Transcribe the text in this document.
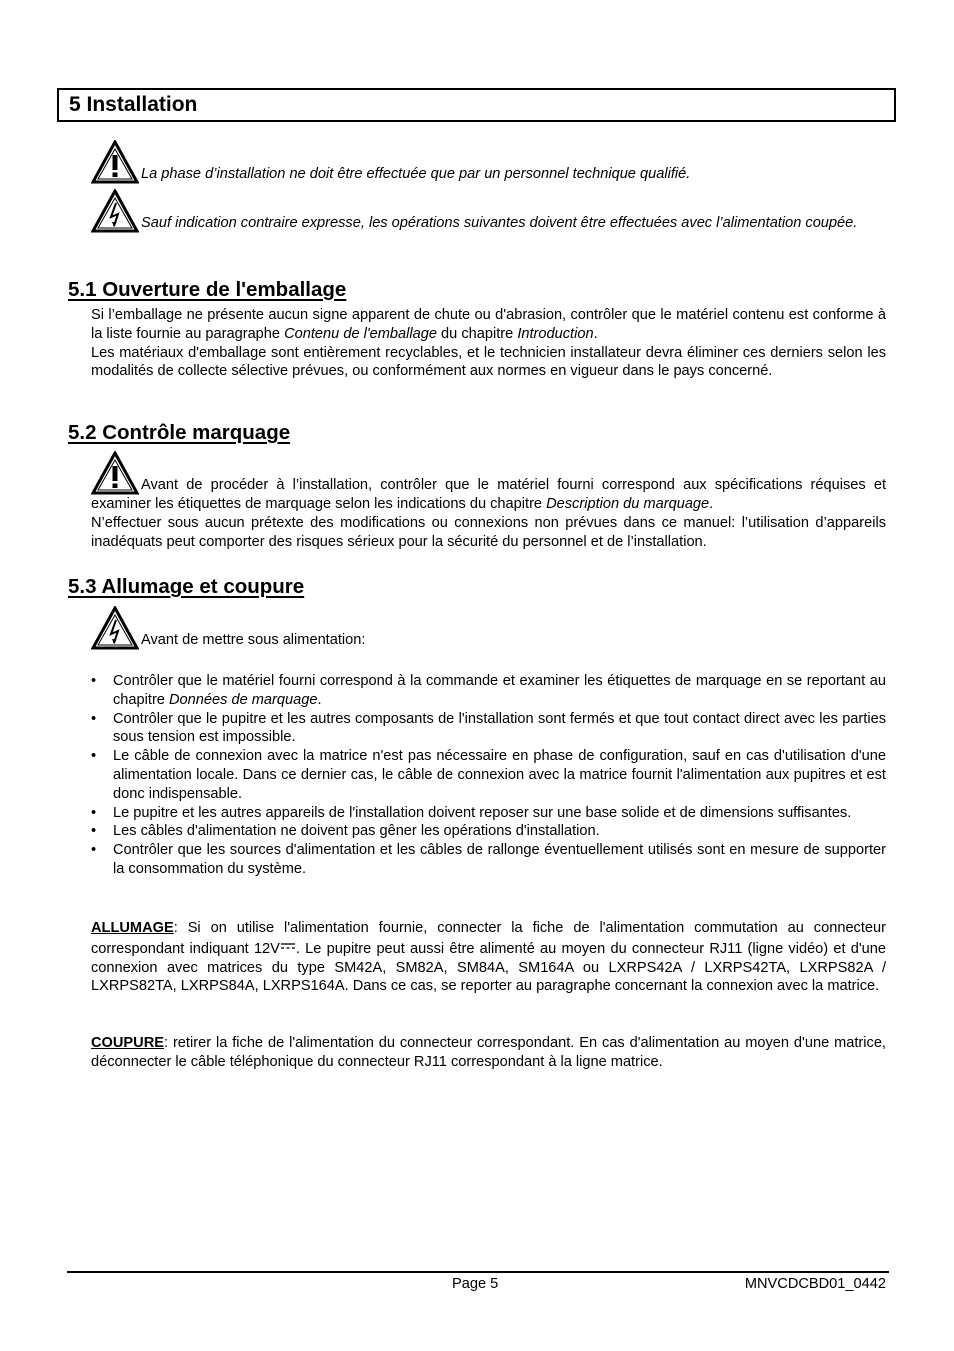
5 Installation
La phase d’installation ne doit être effectuée que par un personnel technique qualifié.
Sauf indication contraire expresse, les opérations suivantes doivent être effectuées avec l’alimentation coupée.
5.1 Ouverture de l'emballage
Si l’emballage ne présente aucun signe apparent de chute ou d'abrasion, contrôler que le matériel contenu est conforme à la liste fournie au paragraphe Contenu de l'emballage du chapitre Introduction.
Les matériaux d'emballage sont entièrement recyclables, et le technicien installateur devra éliminer ces derniers selon les modalités de collecte sélective prévues, ou conformément aux normes en vigueur dans le pays concerné.
5.2 Contrôle marquage
Avant de procéder à l’installation, contrôler que le matériel fourni correspond aux spécifications réquises et examiner les étiquettes de marquage selon les indications du chapitre Description du marquage.
N’effectuer sous aucun prétexte des modifications ou connexions non prévues dans ce manuel: l’utilisation d’appareils inadéquats peut comporter des risques sérieux pour la sécurité du personnel et de l’installation.
5.3 Allumage et coupure
Avant de mettre sous alimentation:
• Contrôler que le matériel fourni correspond à la commande et examiner les étiquettes de marquage en se reportant au chapitre Données de marquage.
• Contrôler que le pupitre et les autres composants de l'installation sont fermés et que tout contact direct avec les parties sous tension est impossible.
• Le câble de connexion avec la matrice n'est pas nécessaire en phase de configuration, sauf en cas d'utilisation d'une alimentation locale. Dans ce dernier cas, le câble de connexion avec la matrice fournit l'alimentation aux pupitres et est donc indispensable.
• Le pupitre et les autres appareils de l'installation doivent reposer sur une base solide et de dimensions suffisantes.
• Les câbles d'alimentation ne doivent pas gêner les opérations d'installation.
• Contrôler que les sources d'alimentation et les câbles de rallonge éventuellement utilisés sont en mesure de supporter la consommation du système.
ALLUMAGE: Si on utilise l'alimentation fournie, connecter la fiche de l'alimentation commutation au connecteur correspondant indiquant 12V . Le pupitre peut aussi être alimenté au moyen du connecteur RJ11 (ligne vidéo) et d'une connexion avec matrices du type SM42A, SM82A, SM84A, SM164A ou LXRPS42A / LXRPS42TA, LXRPS82A / LXRPS82TA, LXRPS84A, LXRPS164A. Dans ce cas, se reporter au paragraphe concernant la connexion avec la matrice.
COUPURE: retirer la fiche de l'alimentation du connecteur correspondant. En cas d'alimentation au moyen d'une matrice, déconnecter le câble téléphonique du connecteur RJ11 correspondant à la ligne matrice.
Page 5	MNVCDCBD01_0442
